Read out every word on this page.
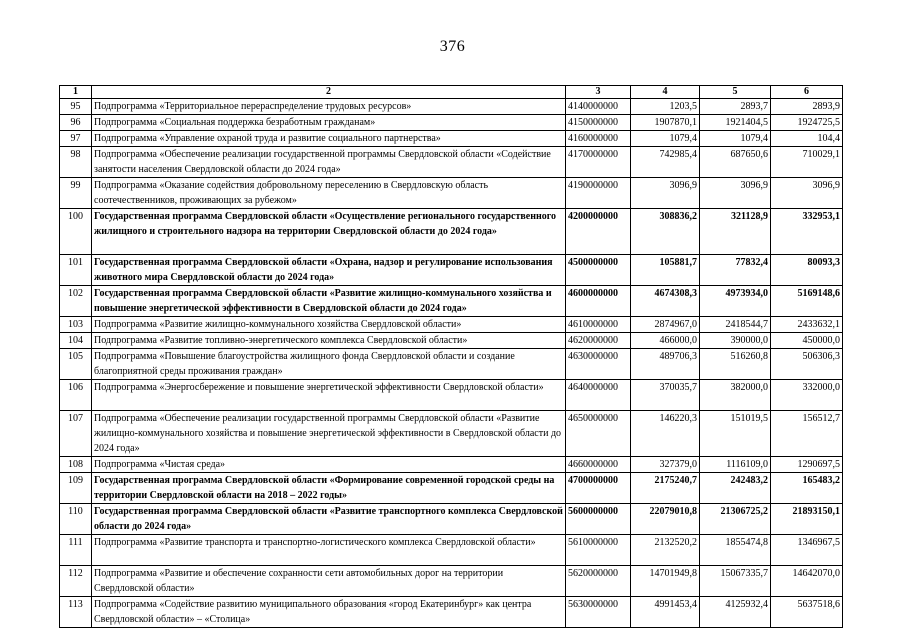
376
1	2	3	4	5	6
95	Подпрограмма «Территориальное перераспределение трудовых ресурсов»	4140000000	1203,5	2893,7	2893,9
96	Подпрограмма «Социальная поддержка безработным гражданам»	4150000000	1907870,1	1921404,5	1924725,5
97	Подпрограмма «Управление охраной труда и развитие социального партнерства»	4160000000	1079,4	1079,4	104,4
98	Подпрограмма «Обеспечение реализации государственной программы Свердловской области «Содействие занятости населения Свердловской области до 2024 года»	4170000000	742985,4	687650,6	710029,1
99	Подпрограмма «Оказание содействия добровольному переселению в Свердловскую область соотечественников, проживающих за рубежом»	4190000000	3096,9	3096,9	3096,9
100	Государственная программа Свердловской области «Осуществление регионального государственного жилищного и строительного надзора на территории Свердловской области до 2024 года»	4200000000	308836,2	321128,9	332953,1
101	Государственная программа Свердловской области «Охрана, надзор и регулирование использования животного мира Свердловской области до 2024 года»	4500000000	105881,7	77832,4	80093,3
102	Государственная программа Свердловской области «Развитие жилищно-коммунального хозяйства и повышение энергетической эффективности в Свердловской области до 2024 года»	4600000000	4674308,3	4973934,0	5169148,6
103	Подпрограмма «Развитие жилищно-коммунального хозяйства Свердловской области»	4610000000	2874967,0	2418544,7	2433632,1
104	Подпрограмма «Развитие топливно-энергетического комплекса Свердловской области»	4620000000	466000,0	390000,0	450000,0
105	Подпрограмма «Повышение благоустройства жилищного фонда Свердловской области и создание благоприятной среды проживания граждан»	4630000000	489706,3	516260,8	506306,3
106	Подпрограмма «Энергосбережение и повышение энергетической эффективности Свердловской области»	4640000000	370035,7	382000,0	332000,0
107	Подпрограмма «Обеспечение реализации государственной программы Свердловской области «Развитие жилищно-коммунального хозяйства и повышение энергетической эффективности в Свердловской области до 2024 года»	4650000000	146220,3	151019,5	156512,7
108	Подпрограмма «Чистая среда»	4660000000	327379,0	1116109,0	1290697,5
109	Государственная программа Свердловской области «Формирование современной городской среды на территории Свердловской области на 2018 – 2022 годы»	4700000000	2175240,7	242483,2	165483,2
110	Государственная программа Свердловской области «Развитие транспортного комплекса Свердловской области до 2024 года»	5600000000	22079010,8	21306725,2	21893150,1
111	Подпрограмма «Развитие транспорта и транспортно-логистического комплекса Свердловской области»	5610000000	2132520,2	1855474,8	1346967,5
112	Подпрограмма «Развитие и обеспечение сохранности сети автомобильных дорог на территории Свердловской области»	5620000000	14701949,8	15067335,7	14642070,0
113	Подпрограмма «Содействие развитию муниципального образования «город Екатеринбург» как центра Свердловской области» – «Столица»	5630000000	4991453,4	4125932,4	5637518,6
